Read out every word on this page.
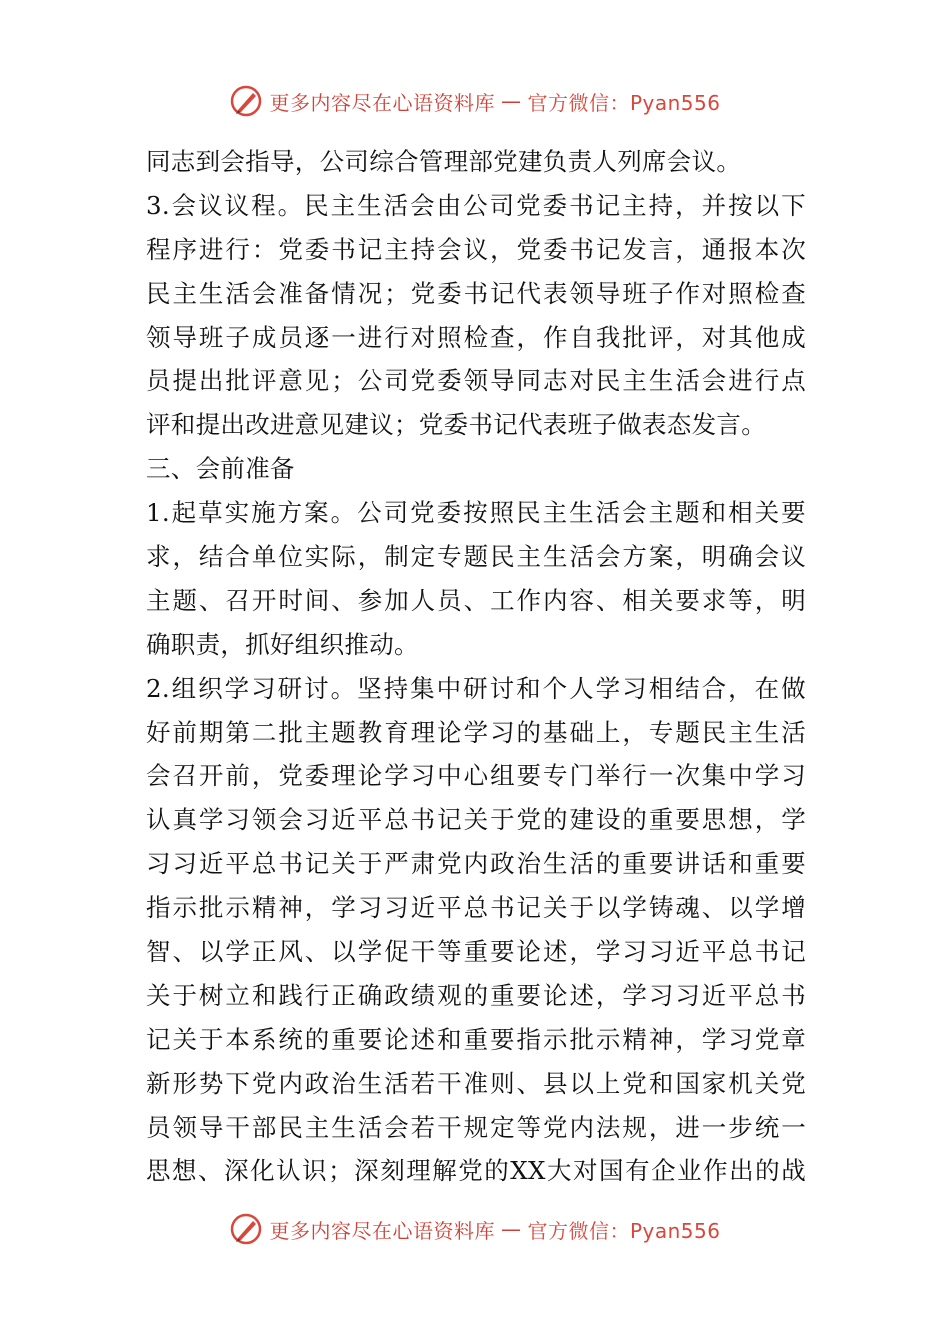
更多内容尽在心语资料库 — 官方微信：Pyan556
同志到会指导，公司综合管理部党建负责人列席会议。
3.会议议程。民主生活会由公司党委书记主持，并按以下
程序进行：党委书记主持会议，党委书记发言，通报本次
民主生活会准备情况；党委书记代表领导班子作对照检查
领导班子成员逐一进行对照检查，作自我批评，对其他成
员提出批评意见；公司党委领导同志对民主生活会进行点
评和提出改进意见建议；党委书记代表班子做表态发言。
三、会前准备
1.起草实施方案。公司党委按照民主生活会主题和相关要
求，结合单位实际，制定专题民主生活会方案，明确会议
主题、召开时间、参加人员、工作内容、相关要求等，明
确职责，抓好组织推动。
2.组织学习研讨。坚持集中研讨和个人学习相结合，在做
好前期第二批主题教育理论学习的基础上，专题民主生活
会召开前，党委理论学习中心组要专门举行一次集中学习
认真学习领会习近平总书记关于党的建设的重要思想，学
习习近平总书记关于严肃党内政治生活的重要讲话和重要
指示批示精神，学习习近平总书记关于以学铸魂、以学增
智、以学正风、以学促干等重要论述，学习习近平总书记
关于树立和践行正确政绩观的重要论述，学习习近平总书
记关于本系统的重要论述和重要指示批示精神，学习党章
新形势下党内政治生活若干准则、县以上党和国家机关党
员领导干部民主生活会若干规定等党内法规，进一步统一
思想、深化认识；深刻理解党的XX大对国有企业作出的战
更多内容尽在心语资料库 — 官方微信：Pyan556
